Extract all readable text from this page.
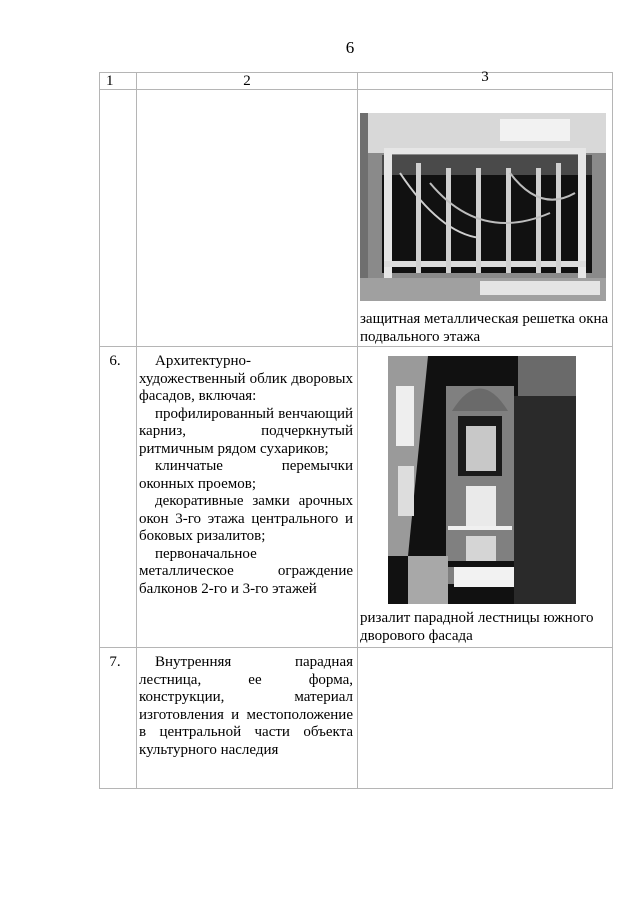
6
1	2	3

		защитная металлическая решетка окна подвального этажа

6.	Архитектурно-художественный облик дворовых фасадов, включая:

профилированный венчающий карниз, подчеркнутый ритмичным рядом сухариков;

клинчатые перемычки оконных проемов;

декоративные замки арочных окон 3-го этажа центрального и боковых ризалитов;

первоначальное металлическое ограждение балконов 2-го и 3-го этажей	ризалит парадной лестницы южного дворового фасада

7.	Внутренняя парадная лестница, ее форма, конструкции, материал изготовления и местоположение в центральной части объекта культурного наследия	
